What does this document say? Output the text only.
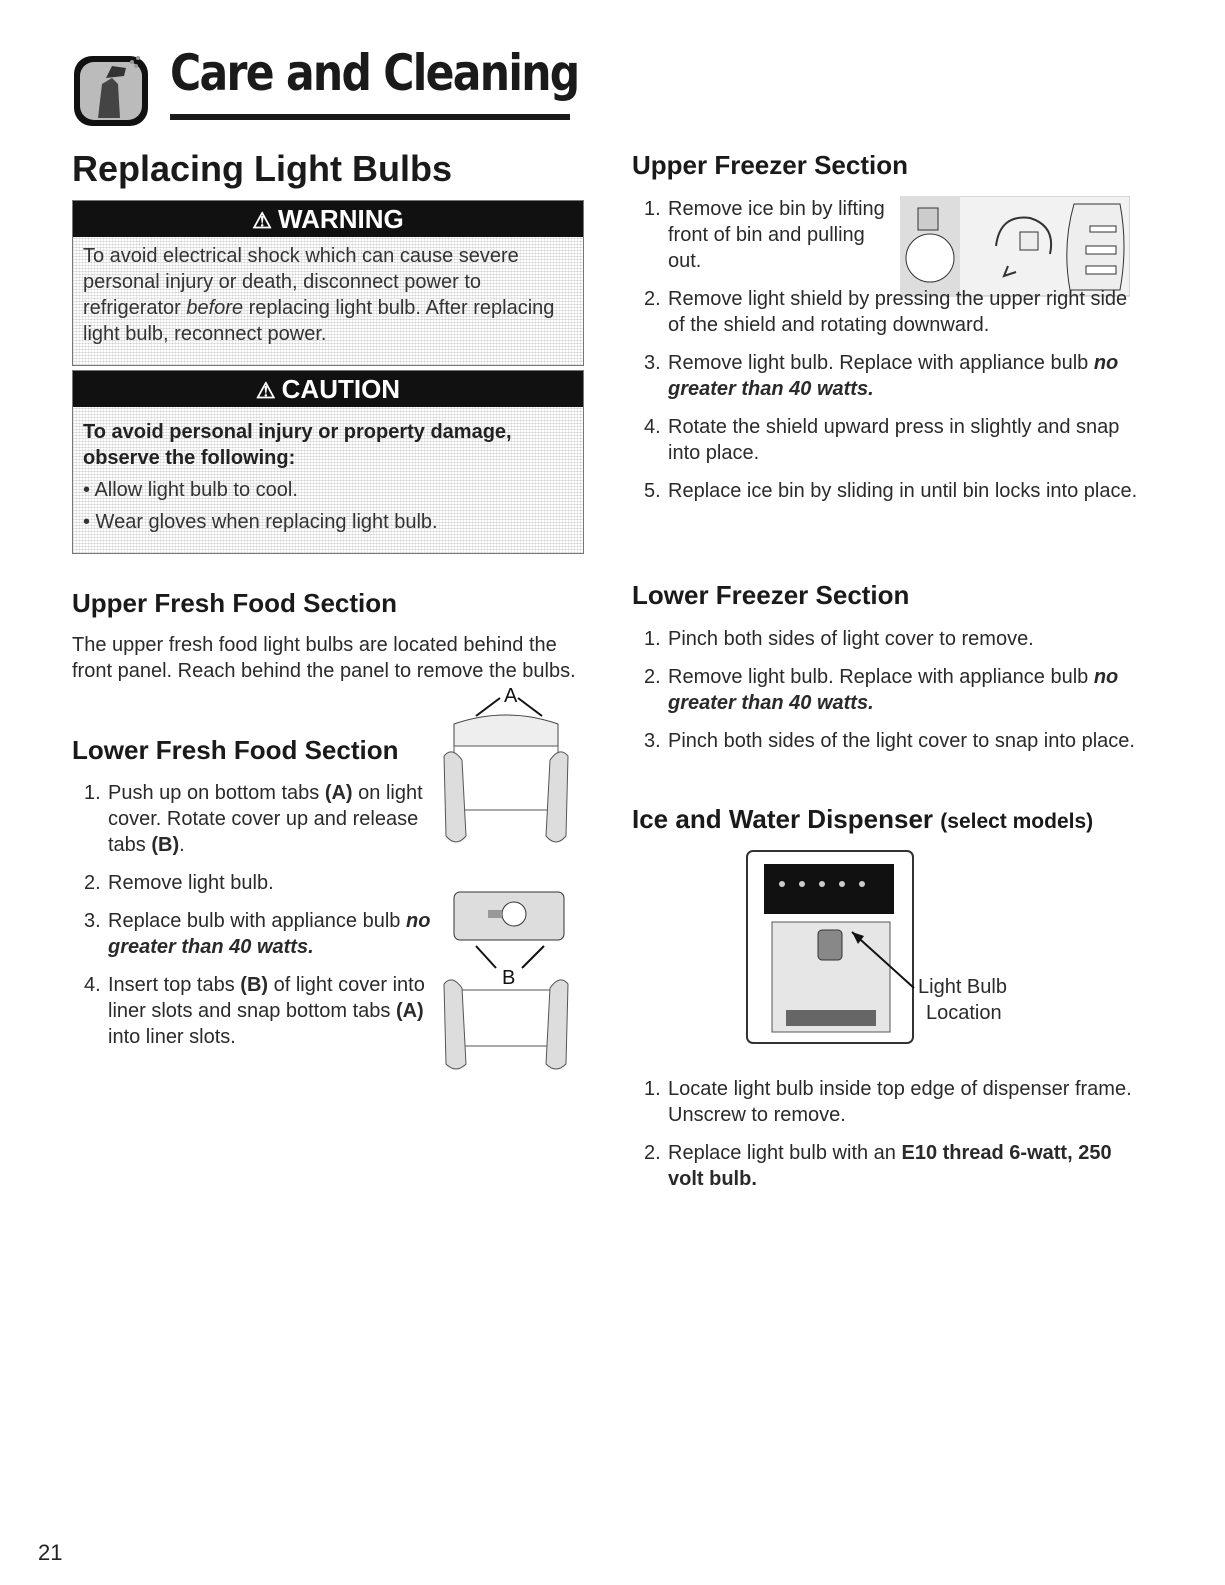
Care and Cleaning
Replacing Light Bulbs
⚠ WARNING
To avoid electrical shock which can cause severe personal injury or death, disconnect power to refrigerator before replacing light bulb. After replacing light bulb, reconnect power.
⚠ CAUTION

To avoid personal injury or property damage, observe the following:

• Allow light bulb to cool.

• Wear gloves when replacing light bulb.

Upper Fresh Food Section
The upper fresh food light bulbs are located behind the front panel. Reach behind the panel to remove the bulbs.
Lower Fresh Food Section
A
B
1. Push up on bottom tabs (A) on light cover. Rotate cover up and release tabs (B).
2. Remove light bulb.
3. Replace bulb with appliance bulb no greater than 40 watts.
4. Insert top tabs (B) of light cover into liner slots and snap bottom tabs (A) into liner slots.
Upper Freezer Section
1. Remove ice bin by lifting front of bin and pulling out.
2. Remove light shield by pressing the upper right side of the shield and rotating downward.
3. Remove light bulb. Replace with appliance bulb no greater than 40 watts.
4. Rotate the shield upward press in slightly and snap into place.
5. Replace ice bin by sliding in until bin locks into place.
Lower Freezer Section
1. Pinch both sides of light cover to remove.
2. Remove light bulb. Replace with appliance bulb no greater than 40 watts.
3. Pinch both sides of the light cover to snap into place.
Ice and Water Dispenser (select models)
Light Bulb
Location
1. Locate light bulb inside top edge of dispenser frame. Unscrew to remove.
2. Replace light bulb with an E10 thread 6-watt, 250 volt bulb.
21
